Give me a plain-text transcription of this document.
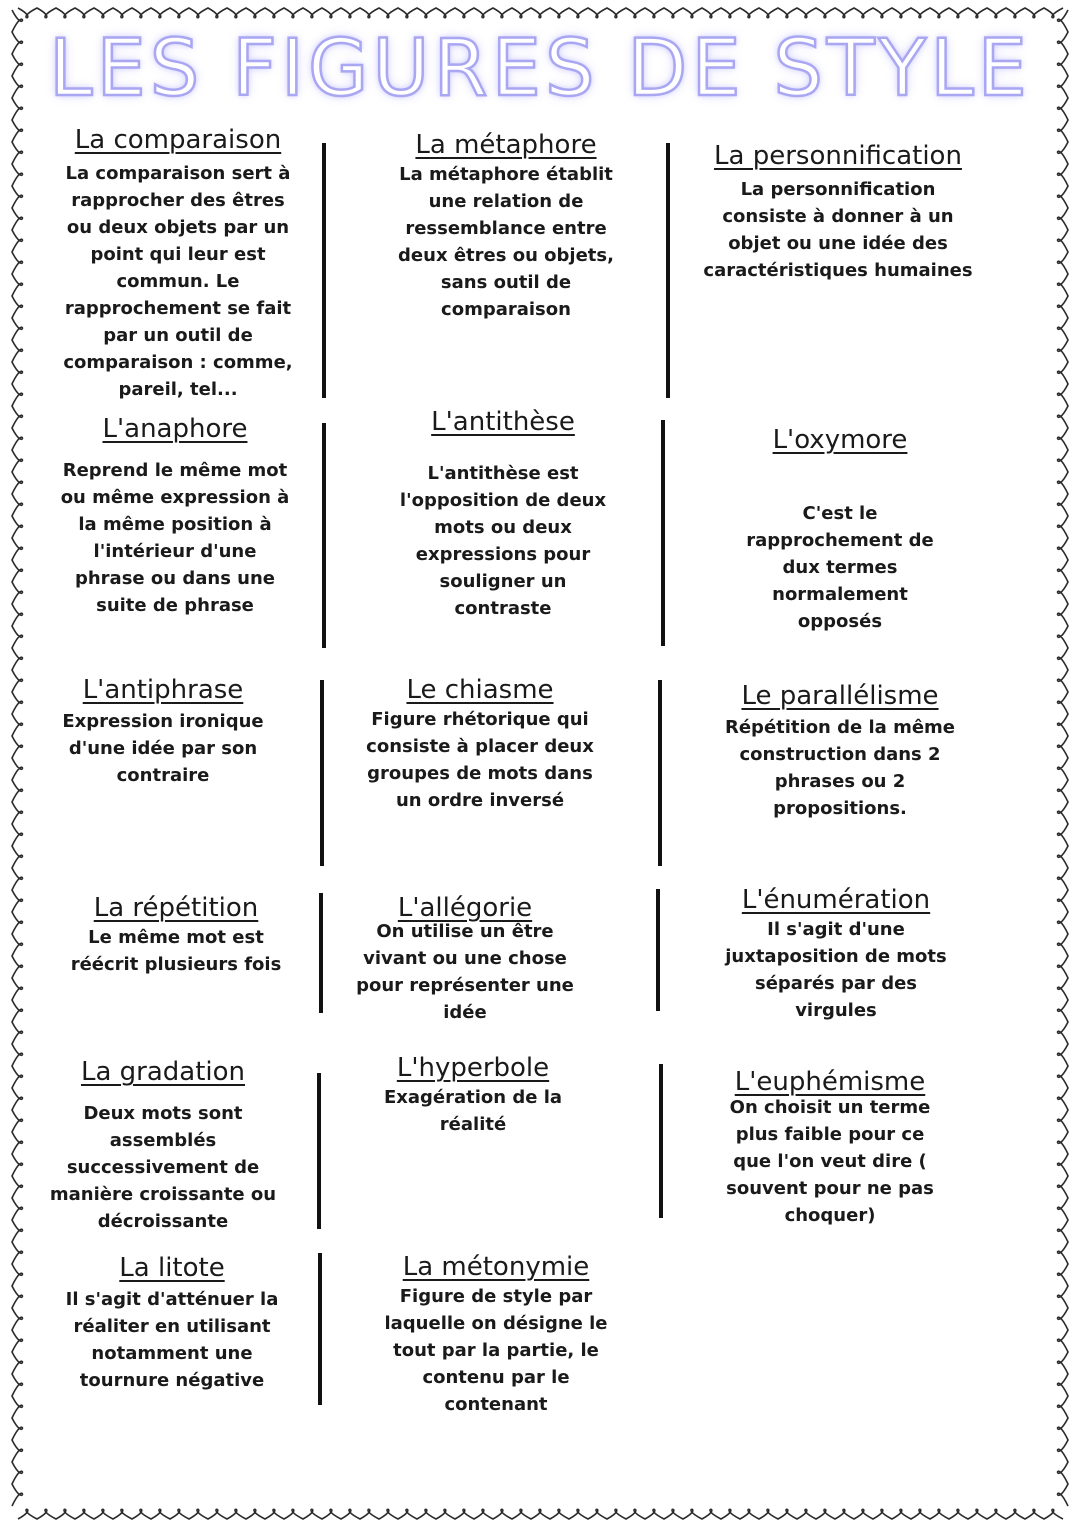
LES FIGURES DE STYLE
La comparaison
La comparaison sert à rapprocher des êtres ou deux objets par un point qui leur est commun. Le rapprochement se fait par un outil de comparaison : comme, pareil, tel...
La métaphore
La métaphore établit une relation de ressemblance entre deux êtres ou objets, sans outil de comparaison
La personnification
La personnification consiste à donner à un objet ou une idée des caractéristiques humaines
L'anaphore
Reprend le même mot ou même expression à la même position à l'intérieur d'une phrase ou dans une suite de phrase
L'antithèse
L'antithèse est l'opposition de deux mots ou deux expressions pour souligner un contraste
L'oxymore
C'est le rapprochement de dux termes normalement opposés
L'antiphrase
Expression ironique d'une idée par son contraire
Le chiasme
Figure rhétorique qui consiste à placer deux groupes de mots dans un ordre inversé
Le parallélisme
Répétition de la même construction dans 2 phrases ou 2 propositions.
La répétition
Le même mot est réécrit plusieurs fois
L'allégorie
On utilise un être vivant ou une chose pour représenter une idée
L'énumération
Il s'agit d'une juxtaposition de mots séparés par des virgules
La gradation
Deux mots sont assemblés successivement de manière croissante ou décroissante
L'hyperbole
Exagération de la réalité
L'euphémisme
On choisit un terme plus faible pour ce que l'on veut dire ( souvent pour ne pas choquer)
La litote
Il s'agit d'atténuer la réaliter en utilisant notamment une tournure négative
La métonymie
Figure de style par laquelle on désigne le tout par la partie, le contenu par le contenant
